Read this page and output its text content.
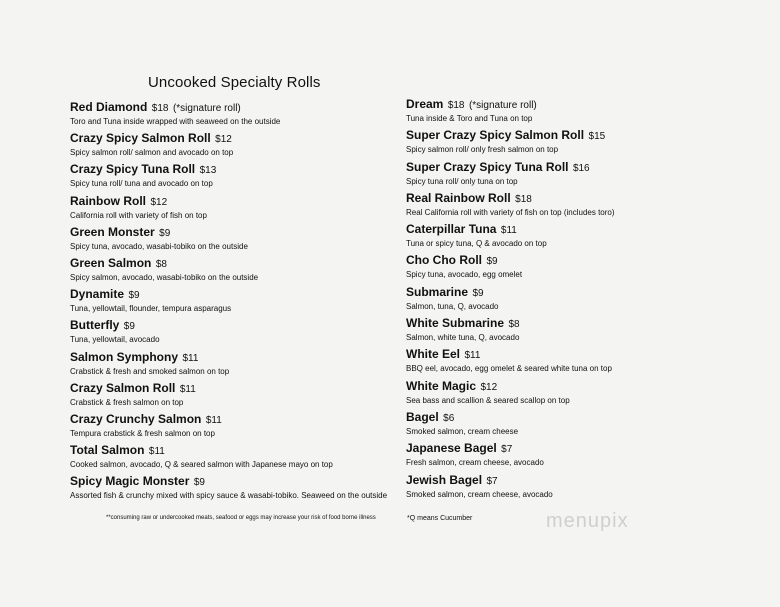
Uncooked Specialty Rolls
Red Diamond $18 (*signature roll)
Toro and Tuna inside wrapped with seaweed on the outside
Crazy Spicy Salmon Roll $12
Spicy salmon roll/ salmon and avocado on top
Crazy Spicy Tuna Roll $13
Spicy tuna roll/ tuna and avocado on top
Rainbow Roll $12
California roll with variety of fish on top
Green Monster $9
Spicy tuna, avocado, wasabi-tobiko on the outside
Green Salmon $8
Spicy salmon, avocado, wasabi-tobiko on the outside
Dynamite $9
Tuna, yellowtail, flounder, tempura asparagus
Butterfly $9
Tuna, yellowtail, avocado
Salmon Symphony $11
Crabstick & fresh and smoked salmon on top
Crazy Salmon Roll $11
Crabstick & fresh salmon on top
Crazy Crunchy Salmon $11
Tempura crabstick & fresh salmon on top
Total Salmon $11
Cooked salmon, avocado, Q & seared salmon with Japanese mayo on top
Spicy Magic Monster $9
Assorted fish & crunchy mixed with spicy sauce & wasabi-tobiko. Seaweed on the outside
Dream $18 (*signature roll)
Tuna inside & Toro and Tuna on top
Super Crazy Spicy Salmon Roll $15
Spicy salmon roll/ only fresh salmon on top
Super Crazy Spicy Tuna Roll $16
Spicy tuna roll/ only tuna on top
Real Rainbow Roll $18
Real California roll with variety of fish on top (includes toro)
Caterpillar Tuna $11
Tuna or spicy tuna, Q & avocado on top
Cho Cho Roll $9
Spicy tuna, avocado, egg omelet
Submarine $9
Salmon, tuna, Q, avocado
White Submarine $8
Salmon, white tuna, Q, avocado
White Eel $11
BBQ eel, avocado, egg omelet & seared white tuna on top
White Magic $12
Sea bass and scallion & seared scallop on top
Bagel $6
Smoked salmon, cream cheese
Japanese Bagel $7
Fresh salmon, cream cheese, avocado
Jewish Bagel $7
Smoked salmon, cream cheese, avocado
**consuming raw or undercooked meats, seafood or eggs may increase your risk of food borne illness	*Q means Cucumber	menupix
